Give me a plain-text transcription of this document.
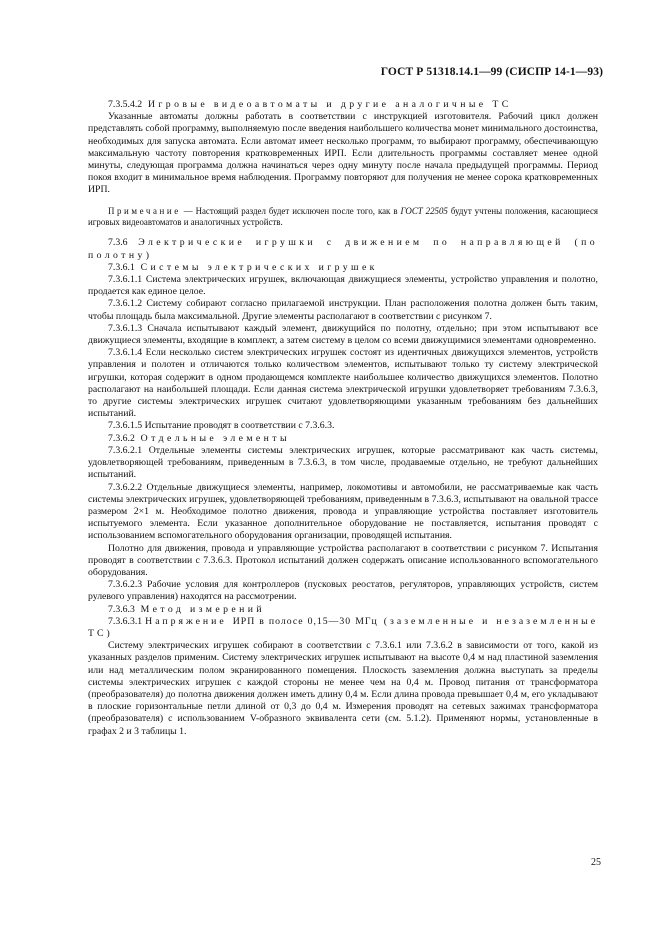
ГОСТ Р 51318.14.1—99 (СИСПР 14-1—93)

7.3.5.4.2 Игровые видеоавтоматы и другие аналогичные ТС

Указанные автоматы должны работать в соответствии с инструкцией изготовителя. Рабочий цикл должен представлять собой программу, выполняемую после введения наибольшего количества монет минимального достоинства, необходимых для запуска автомата. Если автомат имеет несколько программ, то выбирают программу, обеспечивающую максимальную частоту повторения кратковременных ИРП. Если длительность программы составляет менее одной минуты, следующая программа должна начинаться через одну минуту после начала предыдущей программы. Период покоя входит в минимальное время наблюдения. Программу повторяют для получения не менее сорока кратковременных ИРП.

Примечание — Настоящий раздел будет исключен после того, как в ГОСТ 22505 будут учтены положения, касающиеся игровых видеоавтоматов и аналогичных устройств.

7.3.6 Электрические игрушки с движением по направляющей (по полотну)

7.3.6.1 Системы электрических игрушек

7.3.6.1.1 Система электрических игрушек, включающая движущиеся элементы, устройство управления и полотно, продается как единое целое.

7.3.6.1.2 Систему собирают согласно прилагаемой инструкции. План расположения полотна должен быть таким, чтобы площадь была максимальной. Другие элементы располагают в соответствии с рисунком 7.

7.3.6.1.3 Сначала испытывают каждый элемент, движущийся по полотну, отдельно; при этом испытывают все движущиеся элементы, входящие в комплект, а затем систему в целом со всеми движущимися элементами одновременно.

7.3.6.1.4 Если несколько систем электрических игрушек состоят из идентичных движущихся элементов, устройств управления и полотен и отличаются только количеством элементов, испытывают только ту систему электрической игрушки, которая содержит в одном продающемся комплекте наибольшее количество движущихся элементов. Полотно располагают на наибольшей площади. Если данная система электрической игрушки удовлетворяет требованиям 7.3.6.3, то другие системы электрических игрушек считают удовлетворяющими указанным требованиям без дальнейших испытаний.

7.3.6.1.5 Испытание проводят в соответствии с 7.3.6.3.

7.3.6.2 Отдельные элементы

7.3.6.2.1 Отдельные элементы системы электрических игрушек, которые рассматривают как часть системы, удовлетворяющей требованиям, приведенным в 7.3.6.3, в том числе, продаваемые отдельно, не требуют дальнейших испытаний.

7.3.6.2.2 Отдельные движущиеся элементы, например, локомотивы и автомобили, не рассматриваемые как часть системы электрических игрушек, удовлетворяющей требованиям, приведенным в 7.3.6.3, испытывают на овальной трассе размером 2×1 м. Необходимое полотно движения, провода и управляющие устройства поставляет изготовитель испытуемого элемента. Если указанное дополнительное оборудование не поставляется, испытания проводят с использованием вспомогательного оборудования организации, проводящей испытания.

Полотно для движения, провода и управляющие устройства располагают в соответствии с рисунком 7. Испытания проводят в соответствии с 7.3.6.3. Протокол испытаний должен содержать описание использованного вспомогательного оборудования.

7.3.6.2.3 Рабочие условия для контроллеров (пусковых реостатов, регуляторов, управляющих устройств, систем рулевого управления) находятся на рассмотрении.

7.3.6.3 Метод измерений

7.3.6.3.1 Напряжение ИРП в полосе 0,15—30 МГц (заземленные и незаземленные ТС)

Систему электрических игрушек собирают в соответствии с 7.3.6.1 или 7.3.6.2 в зависимости от того, какой из указанных разделов применим. Систему электрических игрушек испытывают на высоте 0,4 м над пластиной заземления или над металлическим полом экранированного помещения. Плоскость заземления должна выступать за пределы системы электрических игрушек с каждой стороны не менее чем на 0,4 м. Провод питания от трансформатора (преобразователя) до полотна движения должен иметь длину 0,4 м. Если длина провода превышает 0,4 м, его укладывают в плоские горизонтальные петли длиной от 0,3 до 0,4 м. Измерения проводят на сетевых зажимах трансформатора (преобразователя) с использованием V-образного эквивалента сети (см. 5.1.2). Применяют нормы, установленные в графах 2 и 3 таблицы 1.

25
